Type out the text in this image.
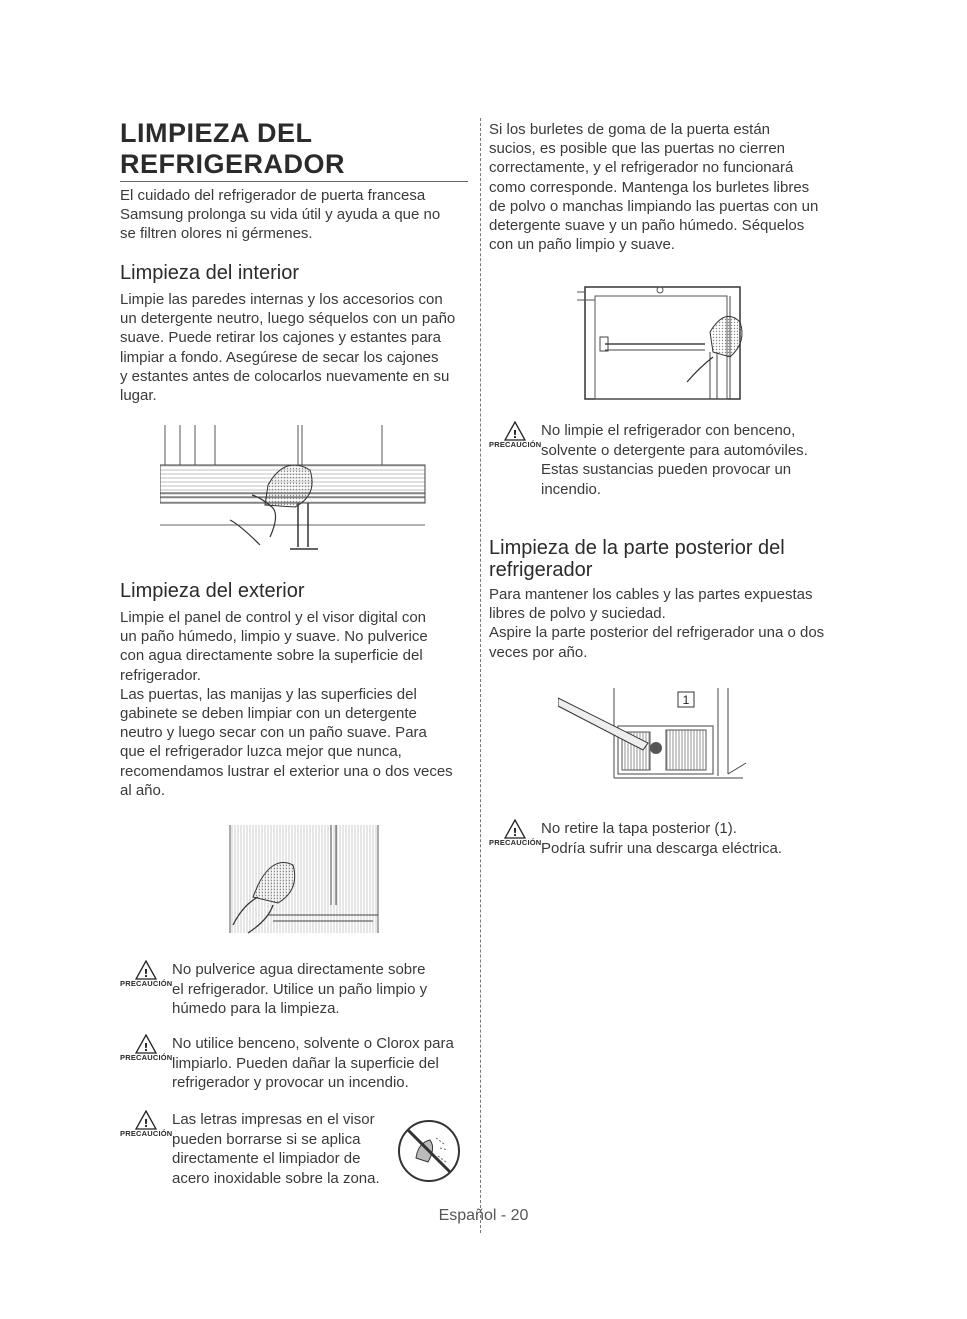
LIMPIEZA DEL
REFRIGERADOR
El cuidado del refrigerador de puerta francesa
Samsung prolonga su vida útil y ayuda a que no
se filtren olores ni gérmenes.
Limpieza del interior
Limpie las paredes internas y los accesorios con
un detergente neutro, luego séquelos con un paño
suave. Puede retirar los cajones y estantes para
limpiar a fondo. Asegúrese de secar los cajones
y estantes antes de colocarlos nuevamente en su
lugar.
Limpieza del exterior
Limpie el panel de control y el visor digital con
un paño húmedo, limpio y suave. No pulverice
con agua directamente sobre la superficie del
refrigerador.
Las puertas, las manijas y las superficies del
gabinete se deben limpiar con un detergente
neutro y luego secar con un paño suave. Para
que el refrigerador luzca mejor que nunca,
recomendamos lustrar el exterior una o dos veces
al año.
!
PRECAUCIÓN
No pulverice agua directamente sobre
el refrigerador. Utilice un paño limpio y
húmedo para la limpieza.
!
PRECAUCIÓN
No utilice benceno, solvente o Clorox para
limpiarlo. Pueden dañar la superficie del
refrigerador y provocar un incendio.
!
PRECAUCIÓN
Las letras impresas en el visor
pueden borrarse si se aplica
directamente el limpiador de
acero inoxidable sobre la zona.
Si los burletes de goma de la puerta están
sucios, es posible que las puertas no cierren
correctamente, y el refrigerador no funcionará
como corresponde. Mantenga los burletes libres
de polvo o manchas limpiando las puertas con un
detergente suave y un paño húmedo. Séquelos
con un paño limpio y suave.
!
PRECAUCIÓN
No limpie el refrigerador con benceno,
solvente o detergente para automóviles.
Estas sustancias pueden provocar un
incendio.
Limpieza de la parte posterior del
refrigerador
Para mantener los cables y las partes expuestas
libres de polvo y suciedad.
Aspire la parte posterior del refrigerador una o dos
veces por año.
1
!
PRECAUCIÓN
No retire la tapa posterior (1).
Podría sufrir una descarga eléctrica.
Español - 20
